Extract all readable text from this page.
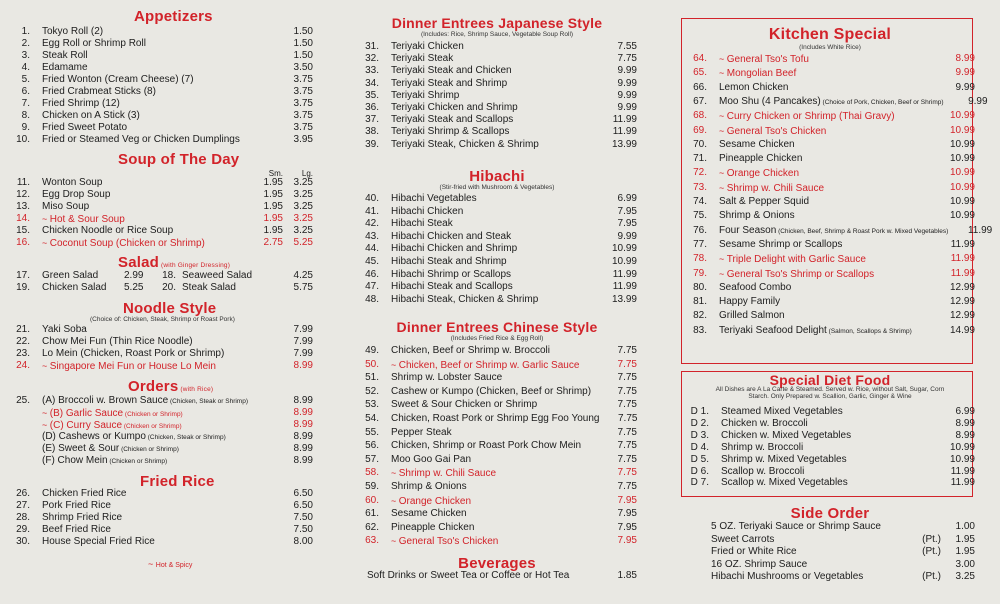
Appetizers
1. Tokyo Roll (2)	1.50
2. Egg Roll or Shrimp Roll	1.50
3. Steak Roll	1.50
4. Edamame	3.50
5. Fried Wonton (Cream Cheese) (7)	3.75
6. Fried Crabmeat Sticks (8)	3.75
7. Fried Shrimp (12)	3.75
8. Chicken on A Stick (3)	3.75
9. Fried Sweet Potato	3.75
10. Fried or Steamed Veg or Chicken Dumplings	3.95
Soup of The Day
Sm.	Lg.
11. Wonton Soup	1.95	3.25
12. Egg Drop Soup	1.95	3.25
13. Miso Soup	1.95	3.25
14. ~ Hot & Sour Soup	1.95	3.25
15. Chicken Noodle or Rice Soup	1.95	3.25
16. ~ Coconut Soup (Chicken or Shrimp)	2.75	5.25
Salad (with Ginger Dressing)
17. Green Salad	2.99	18. Seaweed Salad	4.25
19. Chicken Salad	5.25	20. Steak Salad	5.75
Noodle Style
(Choice of: Chicken, Steak, Shrimp or Roast Pork)
21. Yaki Soba	7.99
22. Chow Mei Fun (Thin Rice Noodle)	7.99
23. Lo Mein (Chicken, Roast Pork or Shrimp)	7.99
24. ~ Singapore Mei Fun or House Lo Mein	8.99
Orders (with Rice)
25. (A) Broccoli w. Brown Sauce (Chicken, Steak or Shrimp)	8.99
~ (B) Garlic Sauce (Chicken or Shrimp)	8.99
~ (C) Curry Sauce (Chicken or Shrimp)	8.99
(D) Cashews or Kumpo (Chicken, Steak or Shrimp)	8.99
(E) Sweet & Sour (Chicken or Shrimp)	8.99
(F) Chow Mein (Chicken or Shrimp)	8.99
Fried Rice
26. Chicken Fried Rice	6.50
27. Pork Fried Rice	6.50
28. Shrimp Fried Rice	7.50
29. Beef Fried Rice	7.50
30. House Special Fried Rice	8.00
~ Hot & Spicy
Dinner Entrees Japanese Style
(Includes: Rice, Shrimp Sauce, Vegetable Soup Roll)
31. Teriyaki Chicken	7.55
32. Teriyaki Steak	7.75
33. Teriyaki Steak and Chicken	9.99
34. Teriyaki Steak and Shrimp	9.99
35. Teriyaki Shrimp	9.99
36. Teriyaki Chicken and Shrimp	9.99
37. Teriyaki Steak and Scallops	11.99
38. Teriyaki Shrimp & Scallops	11.99
39. Teriyaki Steak, Chicken & Shrimp	13.99
Hibachi
(Stir-fried with Mushroom & Vegetables)
40. Hibachi Vegetables	6.99
41. Hibachi Chicken	7.95
42. Hibachi Steak	7.95
43. Hibachi Chicken and Steak	9.99
44. Hibachi Chicken and Shrimp	10.99
45. Hibachi Steak and Shrimp	10.99
46. Hibachi Shrimp or Scallops	11.99
47. Hibachi Steak and Scallops	11.99
48. Hibachi Steak, Chicken & Shrimp	13.99
Dinner Entrees Chinese Style
(Includes Fried Rice & Egg Roll)
49. Chicken, Beef or Shrimp w. Broccoli	7.75
50. ~ Chicken, Beef or Shrimp w. Garlic Sauce	7.75
51. Shrimp w. Lobster Sauce	7.75
52. Cashew or Kumpo (Chicken, Beef or Shrimp)	7.75
53. Sweet & Sour Chicken or Shrimp	7.75
54. Chicken, Roast Pork or Shrimp Egg Foo Young	7.75
55. Pepper Steak	7.75
56. Chicken, Shrimp or Roast Pork Chow Mein	7.75
57. Moo Goo Gai Pan	7.75
58. ~ Shrimp w. Chili Sauce	7.75
59. Shrimp & Onions	7.75
60. ~ Orange Chicken	7.95
61. Sesame Chicken	7.95
62. Pineapple Chicken	7.95
63. ~ General Tso's Chicken	7.95
Beverages
Soft Drinks or Sweet Tea or Coffee or Hot Tea	1.85
Kitchen Special
(Includes White Rice)
64. ~ General Tso's Tofu	8.99
65. ~ Mongolian Beef	9.99
66. Lemon Chicken	9.99
67. Moo Shu (4 Pancakes) (Choice of Pork, Chicken, Beef or Shrimp)	9.99
68. ~ Curry Chicken or Shrimp (Thai Gravy)	10.99
69. ~ General Tso's Chicken	10.99
70. Sesame Chicken	10.99
71. Pineapple Chicken	10.99
72. ~ Orange Chicken	10.99
73. ~ Shrimp w. Chili Sauce	10.99
74. Salt & Pepper Squid	10.99
75. Shrimp & Onions	10.99
76. Four Season (Chicken, Beef, Shrimp & Roast Pork w. Mixed Vegetables)	11.99
77. Sesame Shrimp or Scallops	11.99
78. ~ Triple Delight with Garlic Sauce	11.99
79. ~ General Tso's Shrimp or Scallops	11.99
80. Seafood Combo	12.99
81. Happy Family	12.99
82. Grilled Salmon	12.99
83. Teriyaki Seafood Delight (Salmon, Scallops & Shrimp)	14.99
Special Diet Food
All Dishes are A La Carte & Steamed. Served w. Rice, without Salt, Sugar, Corn Starch. Only Prepared w. Scallion, Garlic, Ginger & Wine
D 1. Steamed Mixed Vegetables	6.99
D 2. Chicken w. Broccoli	8.99
D 3. Chicken w. Mixed Vegetables	8.99
D 4. Shrimp w. Broccoli	10.99
D 5. Shrimp w. Mixed Vegetables	10.99
D 6. Scallop w. Broccoli	11.99
D 7. Scallop w. Mixed Vegetables	11.99
Side Order
5 OZ. Teriyaki Sauce or Shrimp Sauce	1.00
Sweet Carrots	(Pt.)	1.95
Fried or White Rice	(Pt.)	1.95
16 OZ. Shrimp Sauce	3.00
Hibachi Mushrooms or Vegetables	(Pt.)	3.25
